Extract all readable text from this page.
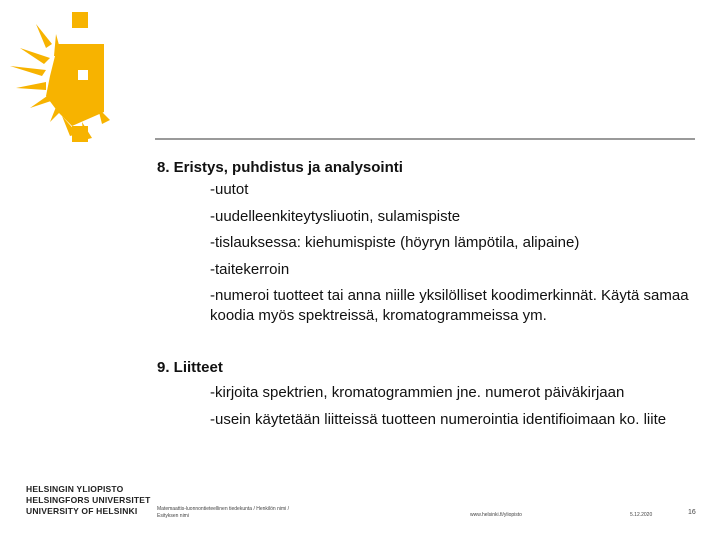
8. Eristys, puhdistus ja analysointi
-uutot
-uudelleenkiteytysliuotin, sulamispiste
-tislauksessa: kiehumispiste (höyryn lämpötila, alipaine)
-taitekerroin
-numeroi tuotteet tai anna niille yksilölliset koodimerkinnät. Käytä samaa koodia myös spektreissä, kromatogrammeissa ym.
9. Liitteet
-kirjoita spektrien, kromatogrammien jne. numerot päiväkirjaan
-usein käytetään liitteissä tuotteen numerointia identifioimaan ko. liite
HELSINGIN YLIOPISTO
HELSINGFORS UNIVERSITET
UNIVERSITY OF HELSINKI	Matemaattis-luonnontieteellinen tiedekunta / Henkilön nimi /
Esityksen nimi	www.helsinki.fi/yliopisto	5.12.2020	16
